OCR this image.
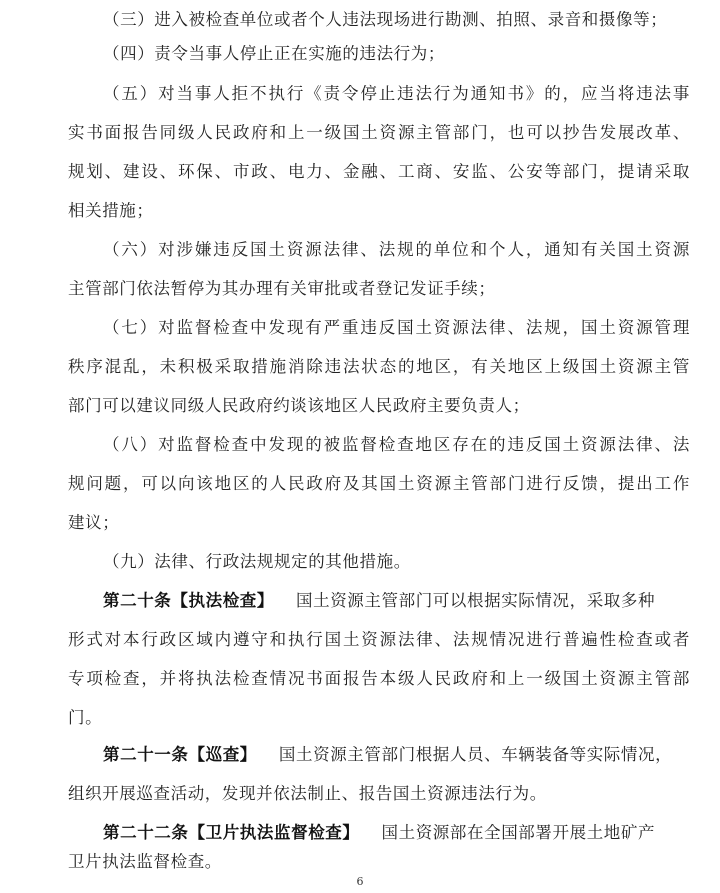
（三）进入被检查单位或者个人违法现场进行勘测、拍照、录音和摄像等；
（四）责令当事人停止正在实施的违法行为；
（五）对当事人拒不执行《责令停止违法行为通知书》的，应当将违法事
实书面报告同级人民政府和上一级国土资源主管部门，也可以抄告发展改革、
规划、建设、环保、市政、电力、金融、工商、安监、公安等部门，提请采取
相关措施；
（六）对涉嫌违反国土资源法律、法规的单位和个人，通知有关国土资源
主管部门依法暂停为其办理有关审批或者登记发证手续；
（七）对监督检查中发现有严重违反国土资源法律、法规，国土资源管理
秩序混乱，未积极采取措施消除违法状态的地区，有关地区上级国土资源主管
部门可以建议同级人民政府约谈该地区人民政府主要负责人；
（八）对监督检查中发现的被监督检查地区存在的违反国土资源法律、法
规问题，可以向该地区的人民政府及其国土资源主管部门进行反馈，提出工作
建议；
（九）法律、行政法规规定的其他措施。
第二十条【执法检查】 国土资源主管部门可以根据实际情况，采取多种
形式对本行政区域内遵守和执行国土资源法律、法规情况进行普遍性检查或者
专项检查，并将执法检查情况书面报告本级人民政府和上一级国土资源主管部
门。
第二十一条【巡查】 国土资源主管部门根据人员、车辆装备等实际情况，
组织开展巡查活动，发现并依法制止、报告国土资源违法行为。
第二十二条【卫片执法监督检查】 国土资源部在全国部署开展土地矿产
卫片执法监督检查。
6
